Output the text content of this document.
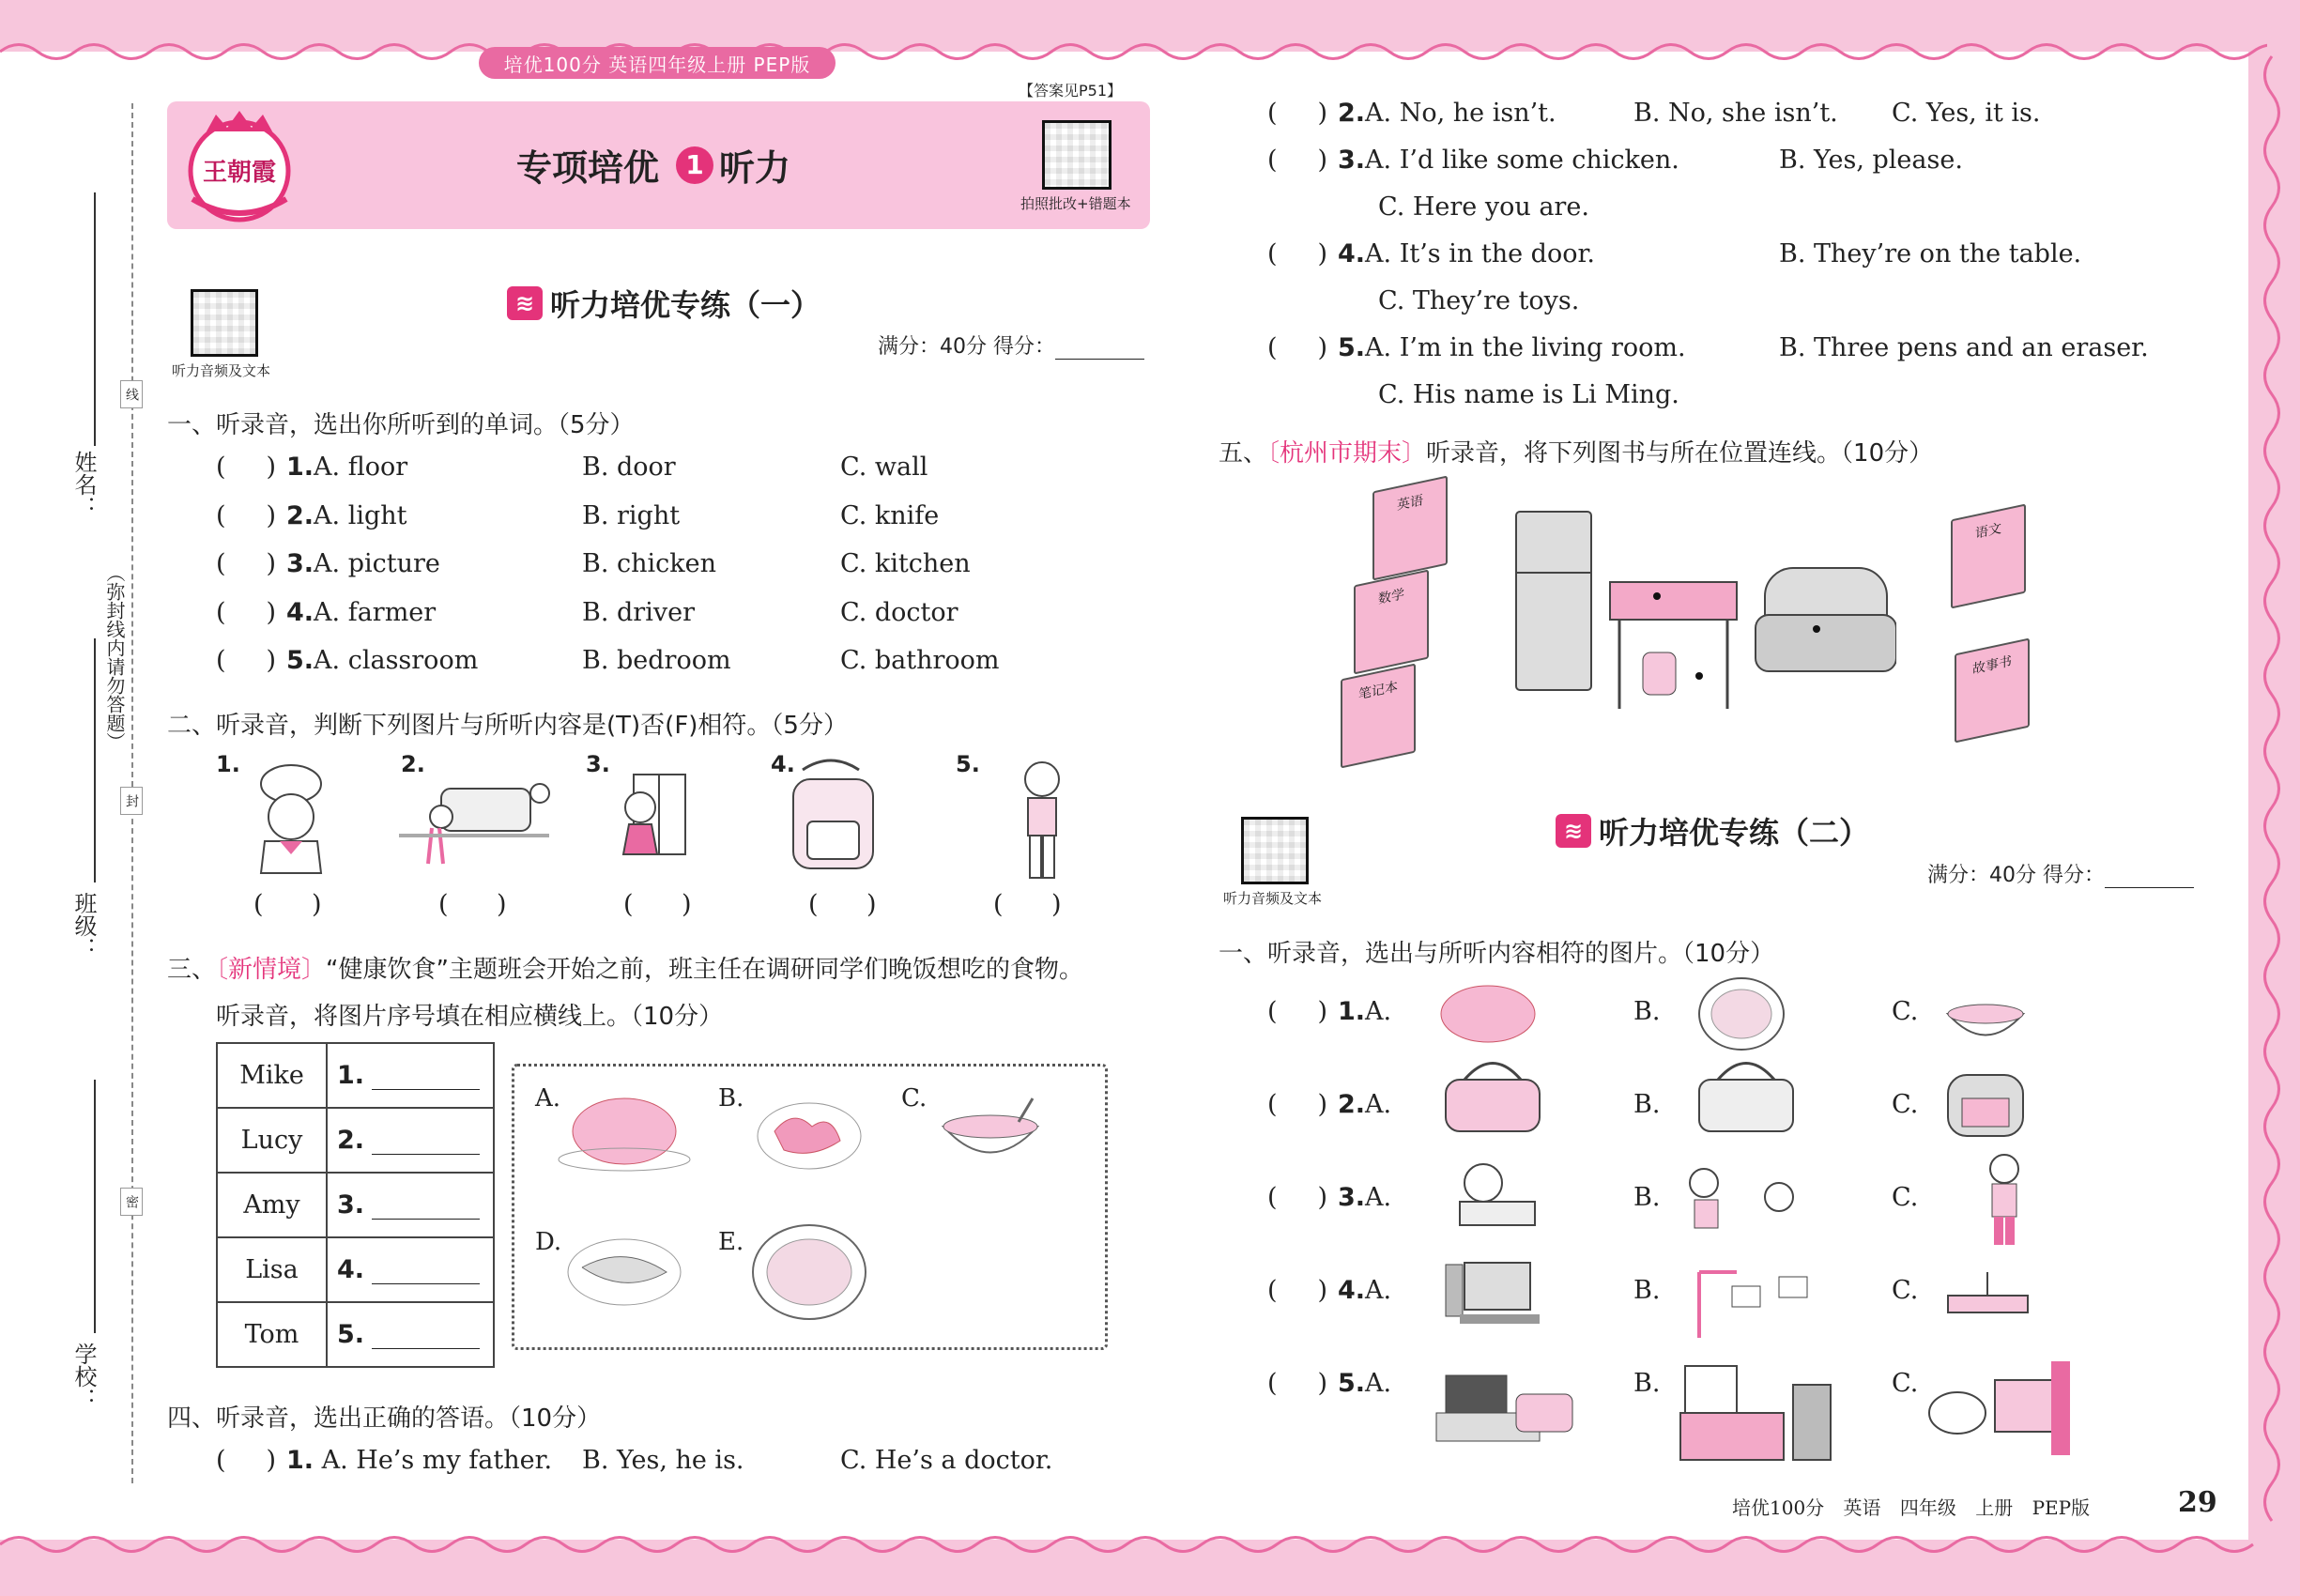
培优100分 英语四年级上册 PEP版
【答案见P51】
王朝霞	专项培优	1 听力
拍照批改+错题本
姓名：
（弥封线内请勿答题）
班级：
学校：
线
封
密
听力音频及文本
≋ 听力培优专练（一）
满分：40分 得分：
一、听录音，选出你所听到的单词。（5分）
(     ) 1.A. floor	B. door	C. wall
(     ) 2.A. light	B. right	C. knife
(     ) 3.A. picture	B. chicken	C. kitchen
(     ) 4.A. farmer	B. driver	C. doctor
(     ) 5.A. classroom	B. bedroom	C. bathroom
二、听录音，判断下列图片与所听内容是(T)否(F)相符。（5分）
1.
(      )
2.
(      )
3.
(      )
4.
(      )
5.
(      )
三、〔新情境〕“健康饮食”主题班会开始之前，班主任在调研同学们晚饭想吃的食物。
听录音，将图片序号填在相应横线上。（10分）
Mike	1.
Lucy	2.
Amy	3.
Lisa	4.
Tom	5.
A.	B.	C.
D.	E.
四、听录音，选出正确的答语。（10分）
(     ) 1. A. He’s my father. B. Yes, he is.	C. He’s a doctor.
(     ) 2.A. No, he isn’t.	B. No, she isn’t. C. Yes, it is.
(     ) 3.A. I’d like some chicken.	B. Yes, please.
C. Here you are.
(     ) 4.A. It’s in the door.	B. They’re on the table.
C. They’re toys.
(     ) 5.A. I’m in the living room.	B. Three pens and an eraser.
C. His name is Li Ming.
五、〔杭州市期末〕听录音，将下列图书与所在位置连线。（10分）
英语
数学
笔记本
语文
故事书
听力音频及文本
≋ 听力培优专练（二）
满分：40分 得分：
一、听录音，选出与所听内容相符的图片。（10分）
(     ) 1.A.	B.	C.
(     ) 2.A.	B.	C.
(     ) 3.A.	B.	C.
(     ) 4.A.	B.	C.
(     ) 5.A.	B.	C.
培优100分 英语 四年级 上册 PEP版	29
